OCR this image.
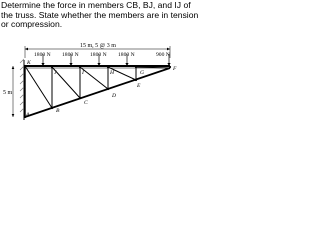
Determine the force in members CB, BJ, and IJ of the truss. State whether the members are in tension or compression.
15 m, 5 @ 3 m
1800 N 1800 N 1800 N 1800 N	900 N
5 m
K
J	I	H	G
F
E
D
C
B
A
